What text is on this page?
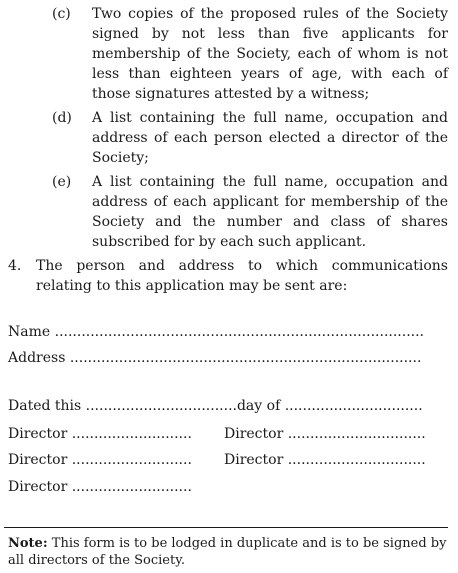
(c) Two copies of the proposed rules of the Society signed by not less than five applicants for membership of the Society, each of whom is not less than eighteen years of age, with each of those signatures attested by a witness;
(d) A list containing the full name, occupation and address of each person elected a director of the Society;
(e) A list containing the full name, occupation and address of each applicant for membership of the Society and the number and class of shares subscribed for by each such applicant.
4. The person and address to which communications relating to this application may be sent are:
Name ...................................................................................
Address ...............................................................................
Dated this ..................................day of ...............................
Director ........................... Director ...............................
Director ........................... Director ...............................
Director ...........................
Note: This form is to be lodged in duplicate and is to be signed by all directors of the Society.
